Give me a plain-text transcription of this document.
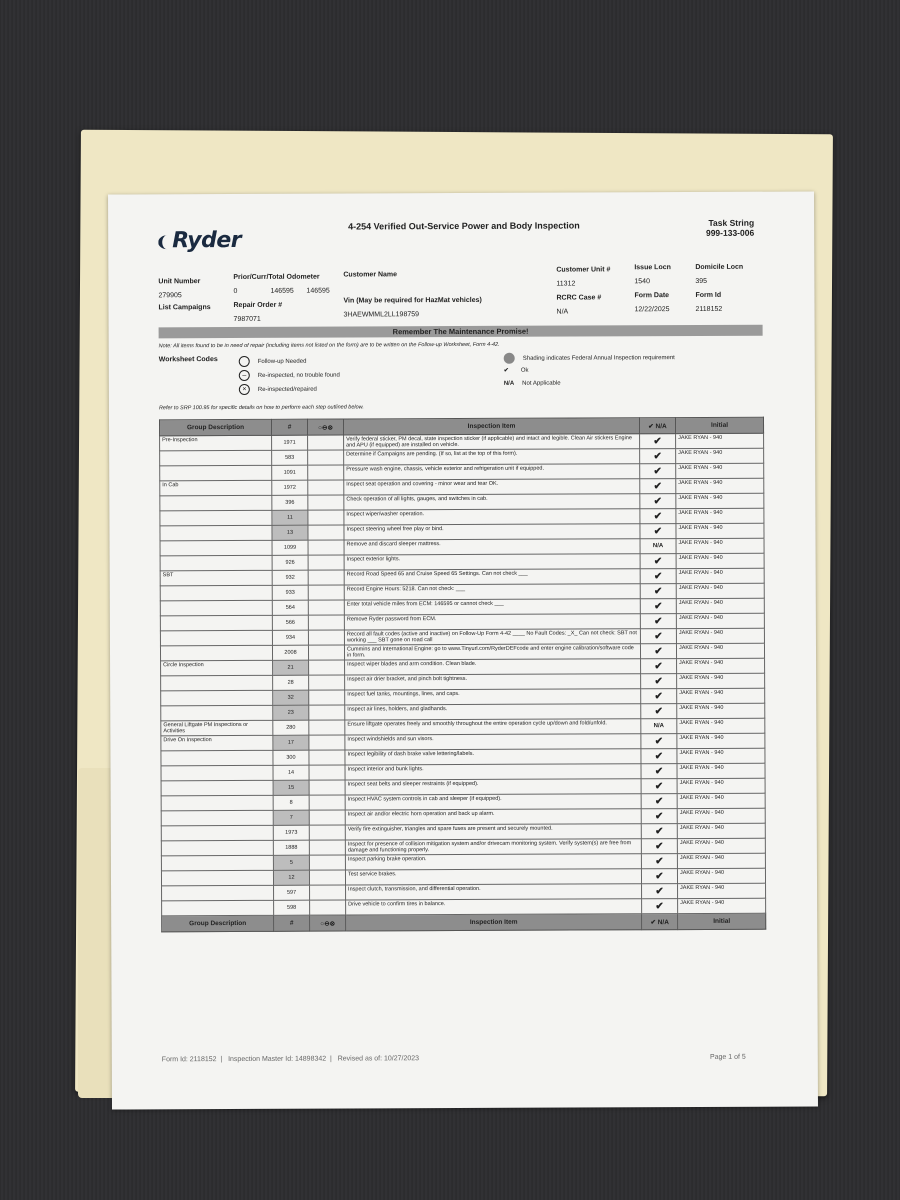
Ryder
4-254 Verified Out-Service Power and Body Inspection	Task String
999-133-006
Unit Number
279905
Prior/Curr/Total Odometer
0	146595 146595
Customer Name
Customer Unit #
11312
Issue Locn
1540
Domicile Locn
395
List Campaigns	Repair Order #
7987071
Vin (May be required for HazMat vehicles)
3HAEWMML2LL198759
RCRC Case #
N/A
Form Date
12/22/2025
Form Id
2118152
Remember The Maintenance Promise!
Note: All items found to be in need of repair (including items not listed on the form) are to be written on the Follow-up Worksheet, Form 4-42.
Worksheet Codes	Follow-up Needed
– Re-inspected, no trouble found
× Re-inspected/repaired
Shading indicates Federal Annual Inspection requirement
✔ Ok
N/A Not Applicable
Refer to SRP 100.95 for specific details on how to perform each step outlined below.
Group Description	#	○⊖⊗	Inspection Item	✔ N/A	Initial
Pre-Inspection	1971		Verify federal sticker, PM decal, state inspection sticker (if applicable) and intact and legible. Clean Air stickers Engine and APU (if equipped) are installed on vehicle.	✔	JAKE RYAN - 940
	583		Determine if Campaigns are pending. (If so, list at the top of this form).	✔	JAKE RYAN - 940
	1091		Pressure wash engine, chassis, vehicle exterior and refrigeration unit if equipped.	✔	JAKE RYAN - 940
In Cab	1972		Inspect seat operation and covering - minor wear and tear OK.	✔	JAKE RYAN - 940
	396		Check operation of all lights, gauges, and switches in cab.	✔	JAKE RYAN - 940
	11		Inspect wiper/washer operation.	✔	JAKE RYAN - 940
	13		Inspect steering wheel free play or bind.	✔	JAKE RYAN - 940
	1099		Remove and discard sleeper mattress.	N/A	JAKE RYAN - 940
	926		Inspect exterior lights.	✔	JAKE RYAN - 940
SBT	932		Record Road Speed 65 and Cruise Speed 65 Settings. Can not check ___	✔	JAKE RYAN - 940
	933		Record Engine Hours: 5218. Can not check: ___	✔	JAKE RYAN - 940
	564		Enter total vehicle miles from ECM: 146595 or cannot check ___	✔	JAKE RYAN - 940
	566		Remove Ryder password from ECM.	✔	JAKE RYAN - 940
	934		Record all fault codes (active and inactive) on Follow-Up Form 4-42 ____ No Fault Codes: _X_ Can not check: SBT not working ___ SBT gone on road call	✔	JAKE RYAN - 940
	2008		Cummins and International Engine: go to www.Tinyurl.com/RyderDEFcode and enter engine calibration/software code in form.	✔	JAKE RYAN - 940
Circle Inspection	21		Inspect wiper blades and arm condition. Clean blade.	✔	JAKE RYAN - 940
	28		Inspect air drier bracket, and pinch bolt tightness.	✔	JAKE RYAN - 940
	32		Inspect fuel tanks, mountings, lines, and caps.	✔	JAKE RYAN - 940
	23		Inspect air lines, holders, and gladhands.	✔	JAKE RYAN - 940
General Liftgate PM Inspections or Activities	280		Ensure liftgate operates freely and smoothly throughout the entire operation cycle up/down and fold/unfold.	N/A	JAKE RYAN - 940
Drive On Inspection	17		Inspect windshields and sun visors.	✔	JAKE RYAN - 940
	300		Inspect legibility of dash brake valve lettering/labels.	✔	JAKE RYAN - 940
	14		Inspect interior and bunk lights.	✔	JAKE RYAN - 940
	15		Inspect seat belts and sleeper restraints (if equipped).	✔	JAKE RYAN - 940
	8		Inspect HVAC system controls in cab and sleeper (if equipped).	✔	JAKE RYAN - 940
	7		Inspect air and/or electric horn operation and back up alarm.	✔	JAKE RYAN - 940
	1973		Verify fire extinguisher, triangles and spare fuses are present and securely mounted.	✔	JAKE RYAN - 940
	1888		Inspect for presence of collision mitigation system and/or drivecam monitoring system. Verify system(s) are free from damage and functioning properly.	✔	JAKE RYAN - 940
	5		Inspect parking brake operation.	✔	JAKE RYAN - 940
	12		Test service brakes.	✔	JAKE RYAN - 940
	597		Inspect clutch, transmission, and differential operation.	✔	JAKE RYAN - 940
	598		Drive vehicle to confirm tires in balance.	✔	JAKE RYAN - 940
Group Description	#	○⊖⊗	Inspection Item	✔ N/A	Initial
Form Id: 2118152  |   Inspection Master Id: 14898342  |   Revised as of: 10/27/2023	Page 1 of 5
